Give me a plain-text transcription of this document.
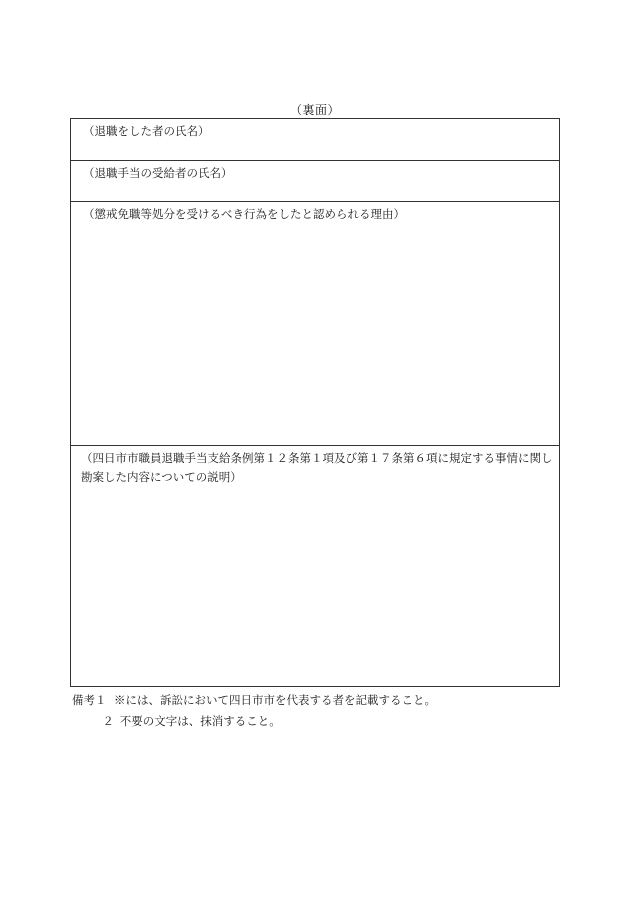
（裏面）
（退職をした者の氏名）
（退職手当の受給者の氏名）
（懲戒免職等処分を受けるべき行為をしたと認められる理由）
（四日市市職員退職手当支給条例第１２条第１項及び第１７条第６項に規定する事情に関し勘案した内容についての説明）
備考１ ※には、訴訟において四日市市を代表する者を記載すること。
２  不要の文字は、抹消すること。
